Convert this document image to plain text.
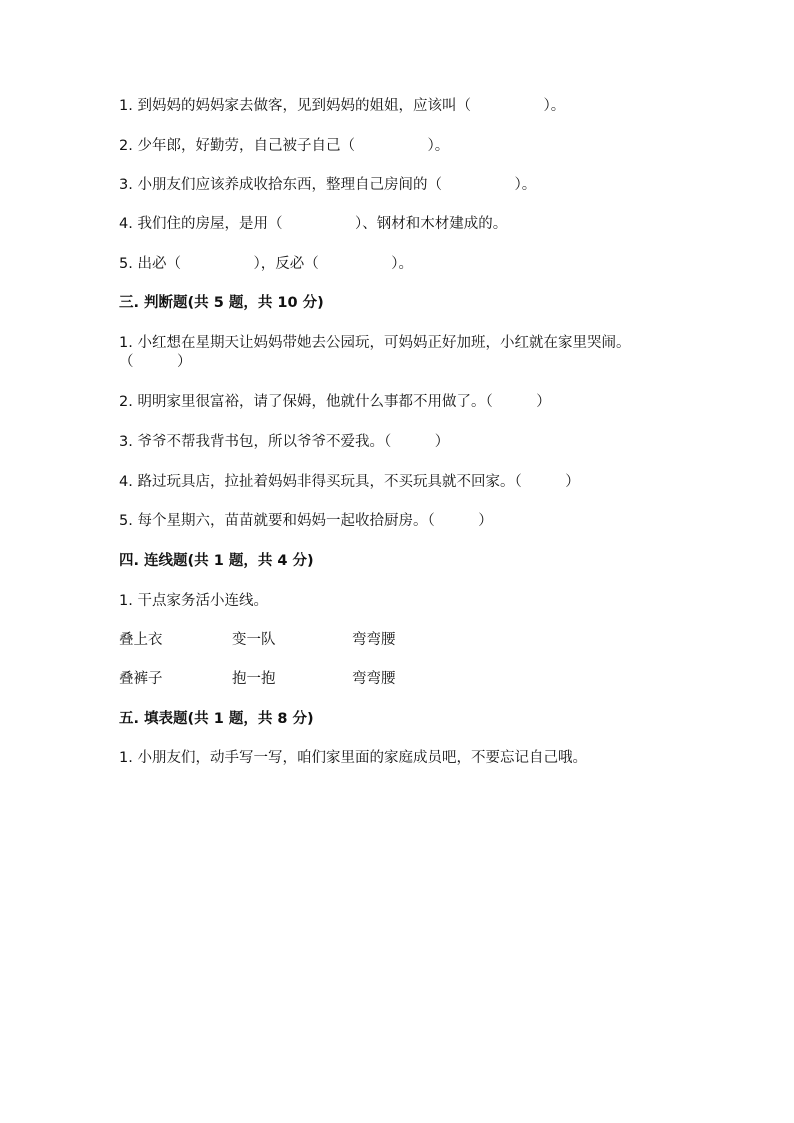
1. 到妈妈的妈妈家去做客，见到妈妈的姐姐，应该叫（　　　　　）。
2. 少年郎，好勤劳，自己被子自己（　　　　　）。
3. 小朋友们应该养成收拾东西，整理自己房间的（　　　　　）。
4. 我们住的房屋，是用（　　　　　）、钢材和木材建成的。
5. 出必（　　　　　），反必（　　　　　）。
三. 判断题(共 5 题，共 10 分)
1. 小红想在星期天让妈妈带她去公园玩，可妈妈正好加班，小红就在家里哭闹。（　　　）
2. 明明家里很富裕，请了保姆，他就什么事都不用做了。（　　　）
3. 爷爷不帮我背书包，所以爷爷不爱我。（　　　）
4. 路过玩具店，拉扯着妈妈非得买玩具，不买玩具就不回家。（　　　）
5. 每个星期六，苗苗就要和妈妈一起收拾厨房。（　　　）
四. 连线题(共 1 题，共 4 分)
1. 干点家务活小连线。
叠上衣	变一队	弯弯腰
叠裤子	抱一抱	弯弯腰
五. 填表题(共 1 题，共 8 分)
1. 小朋友们，动手写一写，咱们家里面的家庭成员吧，不要忘记自己哦。
